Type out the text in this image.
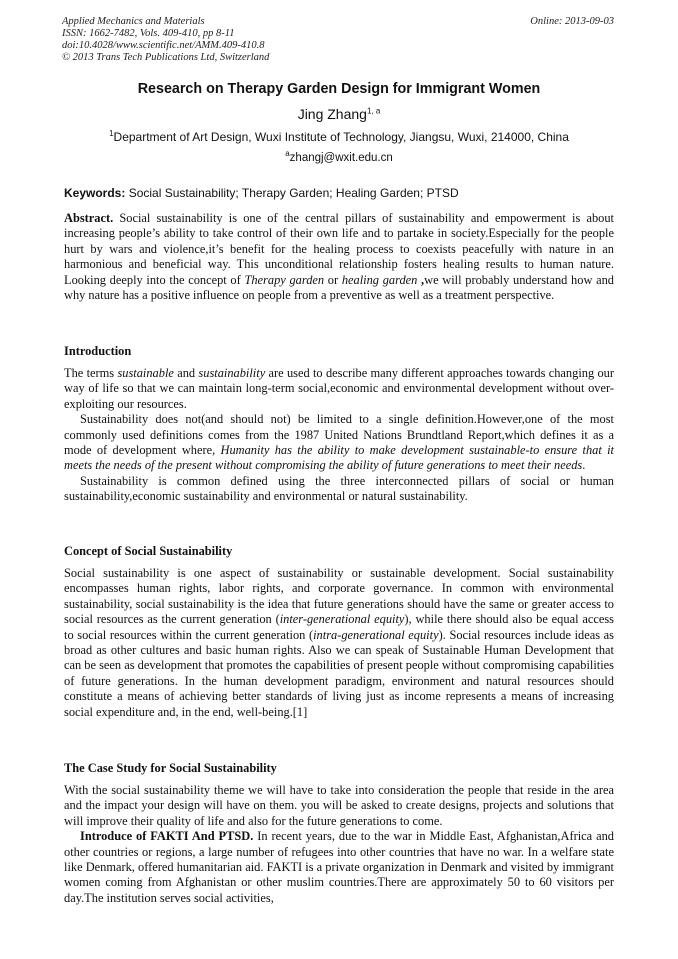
Applied Mechanics and Materials
ISSN: 1662-7482, Vols. 409-410, pp 8-11
doi:10.4028/www.scientific.net/AMM.409-410.8
© 2013 Trans Tech Publications Ltd, Switzerland
Online: 2013-09-03
Research on Therapy Garden Design for Immigrant Women
Jing Zhang$^{1, a}$
$^1$Department of Art Design, Wuxi Institute of Technology, Jiangsu, Wuxi, 214000, China
$^a$zhangj@wxit.edu.cn
Keywords: Social Sustainability; Therapy Garden; Healing Garden; PTSD

Abstract. Social sustainability is one of the central pillars of sustainability and empowerment is about increasing people’s ability to take control of their own life and to partake in society.Especially for the people hurt by wars and violence,it’s benefit for the healing process to coexists peacefully with nature in an harmonious and beneficial way. This unconditional relationship fosters healing results to human nature. Looking deeply into the concept of Therapy garden or healing garden ,we will probably understand how and why nature has a positive influence on people from a preventive as well as a treatment perspective.

Introduction

The terms sustainable and sustainability are used to describe many different approaches towards changing our way of life so that we can maintain long-term social,economic and environmental development without over-exploiting our resources.

Sustainability does not(and should not) be limited to a single definition.However,one of the most commonly used definitions comes from the 1987 United Nations Brundtland Report,which defines it as a mode of development where, Humanity has the ability to make development sustainable-to ensure that it meets the needs of the present without compromising the ability of future generations to meet their needs.

Sustainability is common defined using the three interconnected pillars of social or human sustainability,economic sustainability and environmental or natural sustainability.

Concept of Social Sustainability

Social sustainability is one aspect of sustainability or sustainable development. Social sustainability encompasses human rights, labor rights, and corporate governance. In common with environmental sustainability, social sustainability is the idea that future generations should have the same or greater access to social resources as the current generation (inter-generational equity), while there should also be equal access to social resources within the current generation (intra-generational equity). Social resources include ideas as broad as other cultures and basic human rights. Also we can speak of Sustainable Human Development that can be seen as development that promotes the capabilities of present people without compromising capabilities of future generations. In the human development paradigm, environment and natural resources should constitute a means of achieving better standards of living just as income represents a means of increasing social expenditure and, in the end, well-being.[1]

The Case Study for Social Sustainability

With the social sustainability theme we will have to take into consideration the people that reside in the area and the impact your design will have on them. you will be asked to create designs, projects and solutions that will improve their quality of life and also for the future generations to come.

Introduce of FAKTI And PTSD. In recent years, due to the war in Middle East, Afghanistan,Africa and other countries or regions, a large number of refugees into other countries that have no war. In a welfare state like Denmark, offered humanitarian aid. FAKTI is a private organization in Denmark and visited by immigrant women coming from Afghanistan or other muslim countries.There are approximately 50 to 60 visitors per day.The institution serves social activities,
